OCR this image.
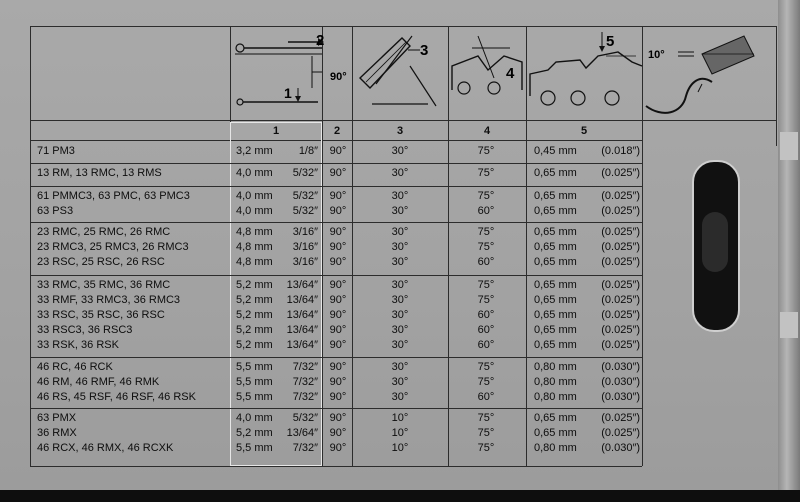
2
1
90°
3
4
5
10°
1	2	3	4	5
71 PM3	3,2 mm	1/8″	90°	30°	75°	0,45 mm	(0.018″)
13 RM, 13 RMC, 13 RMS	4,0 mm	5/32″	90°	30°	75°	0,65 mm	(0.025″)
61 PMMC3, 63 PMC, 63 PMC3	4,0 mm	5/32″	90°	30°	75°	0,65 mm	(0.025″)
63 PS3	4,0 mm	5/32″	90°	30°	60°	0,65 mm	(0.025″)
23 RMC, 25 RMC, 26 RMC	4,8 mm	3/16″	90°	30°	75°	0,65 mm	(0.025″)
23 RMC3, 25 RMC3, 26 RMC3	4,8 mm	3/16″	90°	30°	75°	0,65 mm	(0.025″)
23 RSC, 25 RSC, 26 RSC	4,8 mm	3/16″	90°	30°	60°	0,65 mm	(0.025″)
33 RMC, 35 RMC, 36 RMC	5,2 mm	13/64″	90°	30°	75°	0,65 mm	(0.025″)
33 RMF, 33 RMC3, 36 RMC3	5,2 mm	13/64″	90°	30°	75°	0,65 mm	(0.025″)
33 RSC, 35 RSC, 36 RSC	5,2 mm	13/64″	90°	30°	60°	0,65 mm	(0.025″)
33 RSC3, 36 RSC3	5,2 mm	13/64″	90°	30°	60°	0,65 mm	(0.025″)
33 RSK, 36 RSK	5,2 mm	13/64″	90°	30°	60°	0,65 mm	(0.025″)
46 RC, 46 RCK	5,5 mm	7/32″	90°	30°	75°	0,80 mm	(0.030″)
46 RM, 46 RMF, 46 RMK	5,5 mm	7/32″	90°	30°	75°	0,80 mm	(0.030″)
46 RS, 45 RSF, 46 RSF, 46 RSK	5,5 mm	7/32″	90°	30°	60°	0,80 mm	(0.030″)
63 PMX	4,0 mm	5/32″	90°	10°	75°	0,65 mm	(0.025″)
36 RMX	5,2 mm	13/64″	90°	10°	75°	0,65 mm	(0.025″)
46 RCX, 46 RMX, 46 RCXK	5,5 mm	7/32″	90°	10°	75°	0,80 mm	(0.030″)
